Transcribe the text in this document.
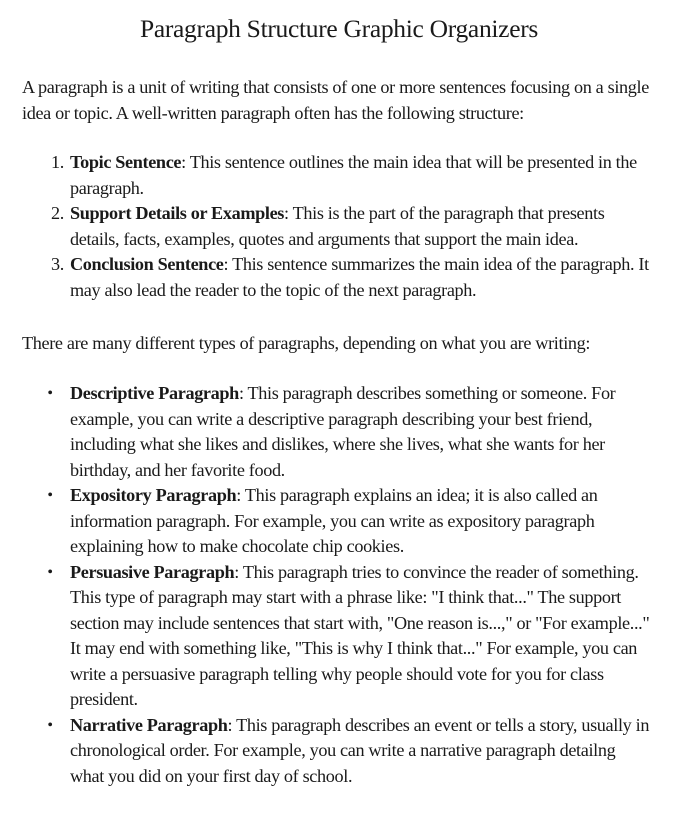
Paragraph Structure Graphic Organizers

A paragraph is a unit of writing that consists of one or more sentences focusing on a single idea or topic. A well-written paragraph often has the following structure:

1. Topic Sentence: This sentence outlines the main idea that will be presented in the paragraph.
2. Support Details or Examples: This is the part of the paragraph that presents details, facts, examples, quotes and arguments that support the main idea.
3. Conclusion Sentence: This sentence summarizes the main idea of the paragraph. It may also lead the reader to the topic of the next paragraph.

There are many different types of paragraphs, depending on what you are writing:

• Descriptive Paragraph: This paragraph describes something or someone. For example, you can write a descriptive paragraph describing your best friend, including what she likes and dislikes, where she lives, what she wants for her birthday, and her favorite food.
• Expository Paragraph: This paragraph explains an idea; it is also called an information paragraph. For example, you can write as expository paragraph explaining how to make chocolate chip cookies.
• Persuasive Paragraph: This paragraph tries to convince the reader of something. This type of paragraph may start with a phrase like: "I think that..." The support section may include sentences that start with, "One reason is...," or "For example..." It may end with something like, "This is why I think that..." For example, you can write a persuasive paragraph telling why people should vote for you for class president.
• Narrative Paragraph: This paragraph describes an event or tells a story, usually in chronological order. For example, you can write a narrative paragraph detailng what you did on your first day of school.
